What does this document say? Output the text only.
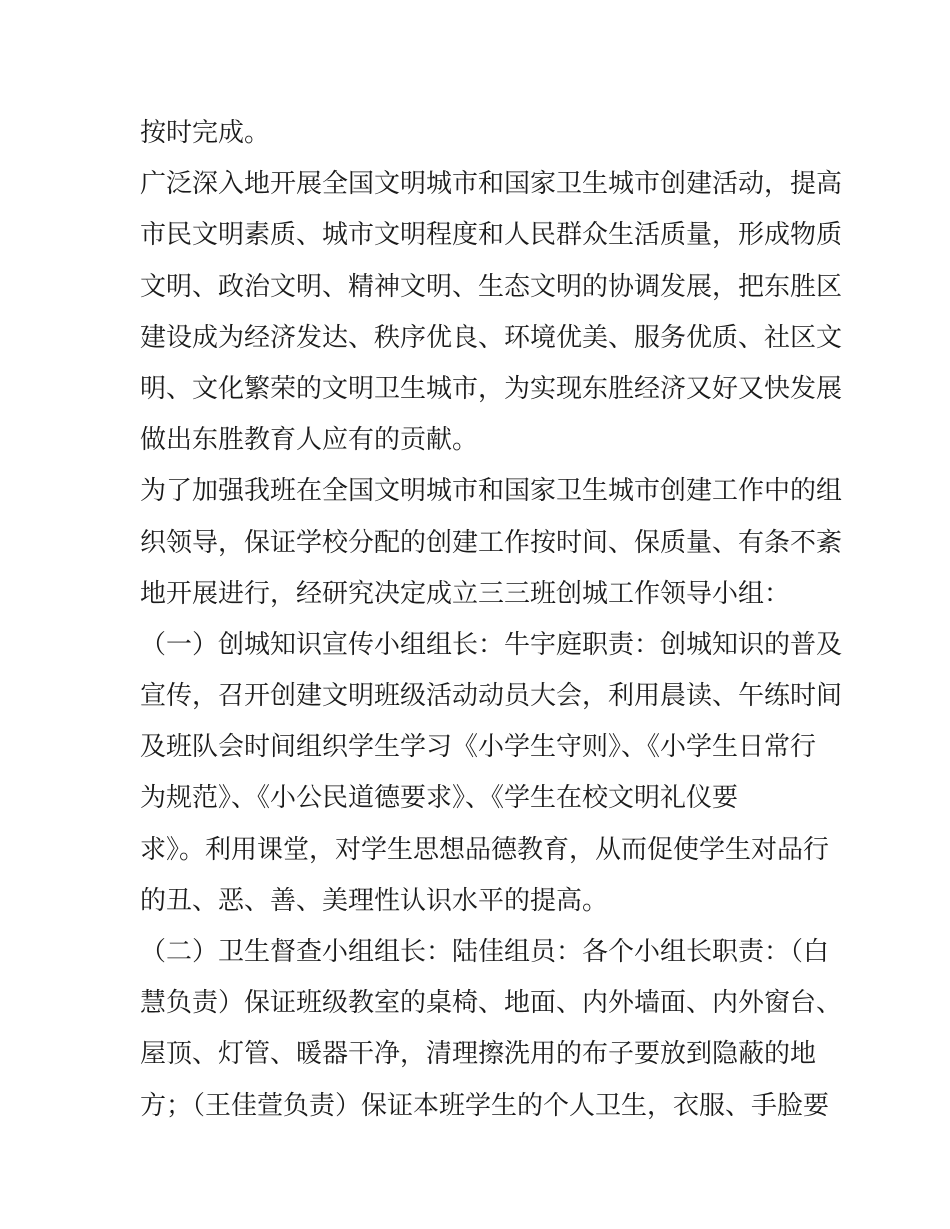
按时完成。
广泛深入地开展全国文明城市和国家卫生城市创建活动，提高
市民文明素质、城市文明程度和人民群众生活质量，形成物质
文明、政治文明、精神文明、生态文明的协调发展，把东胜区
建设成为经济发达、秩序优良、环境优美、服务优质、社区文
明、文化繁荣的文明卫生城市，为实现东胜经济又好又快发展
做出东胜教育人应有的贡献。
为了加强我班在全国文明城市和国家卫生城市创建工作中的组
织领导，保证学校分配的创建工作按时间、保质量、有条不紊
地开展进行，经研究决定成立三三班创城工作领导小组：
（一）创城知识宣传小组组长：牛宇庭职责：创城知识的普及
宣传，召开创建文明班级活动动员大会，利用晨读、午练时间
及班队会时间组织学生学习《小学生守则》、《小学生日常行
为规范》、《小公民道德要求》、《学生在校文明礼仪要
求》。利用课堂，对学生思想品德教育，从而促使学生对品行
的丑、恶、善、美理性认识水平的提高。
（二）卫生督查小组组长：陆佳组员：各个小组长职责：（白
慧负责）保证班级教室的桌椅、地面、内外墙面、内外窗台、
屋顶、灯管、暖器干净，清理擦洗用的布子要放到隐蔽的地
方；（王佳萱负责）保证本班学生的个人卫生，衣服、手脸要
